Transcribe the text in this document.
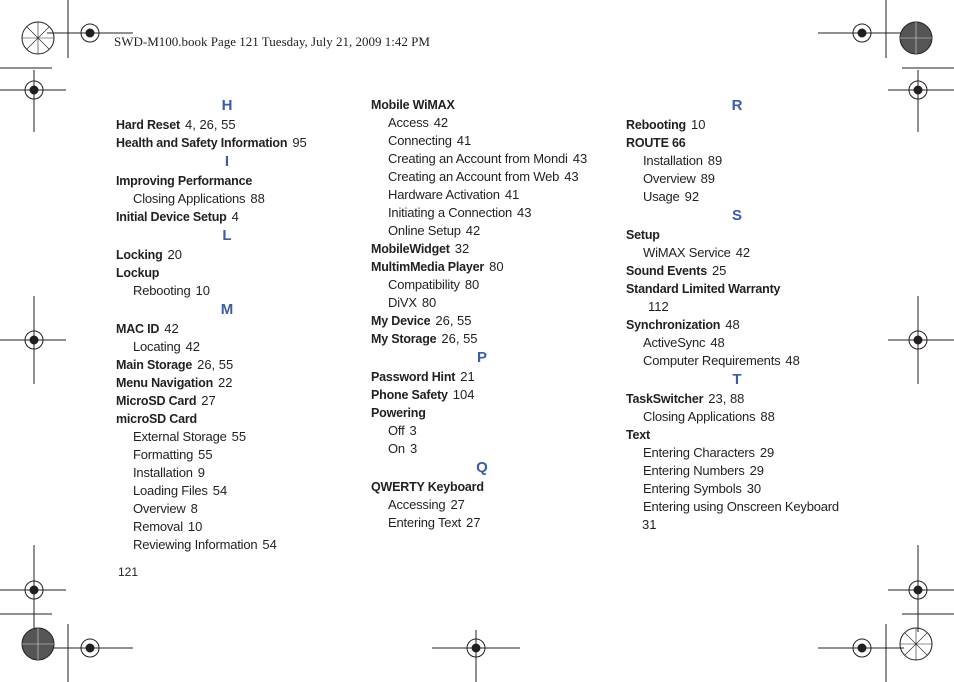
SWD-M100.book Page 121 Tuesday, July 21, 2009 1:42 PM
H
Hard Reset 4, 26, 55
Health and Safety Information 95
I
Improving Performance
Closing Applications 88
Initial Device Setup 4
L
Locking 20
Lockup
Rebooting 10
M
MAC ID 42
Locating 42
Main Storage 26, 55
Menu Navigation 22
MicroSD Card 27
microSD Card
External Storage 55
Formatting 55
Installation 9
Loading Files 54
Overview 8
Removal 10
Reviewing Information 54
Mobile WiMAX
Access 42
Connecting 41
Creating an Account from Mondi 43
Creating an Account from Web 43
Hardware Activation 41
Initiating a Connection 43
Online Setup 42
MobileWidget 32
MultimMedia Player 80
Compatibility 80
DiVX 80
My Device 26, 55
My Storage 26, 55
P
Password Hint 21
Phone Safety 104
Powering
Off 3
On 3
Q
QWERTY Keyboard
Accessing 27
Entering Text 27
R
Rebooting 10
ROUTE 66
Installation 89
Overview 89
Usage 92
S
Setup
WiMAX Service 42
Sound Events 25
Standard Limited Warranty
112
Synchronization 48
ActiveSync 48
Computer Requirements 48
T
TaskSwitcher 23, 88
Closing Applications 88
Text
Entering Characters 29
Entering Numbers 29
Entering Symbols 30
Entering using Onscreen Keyboard
31
121
